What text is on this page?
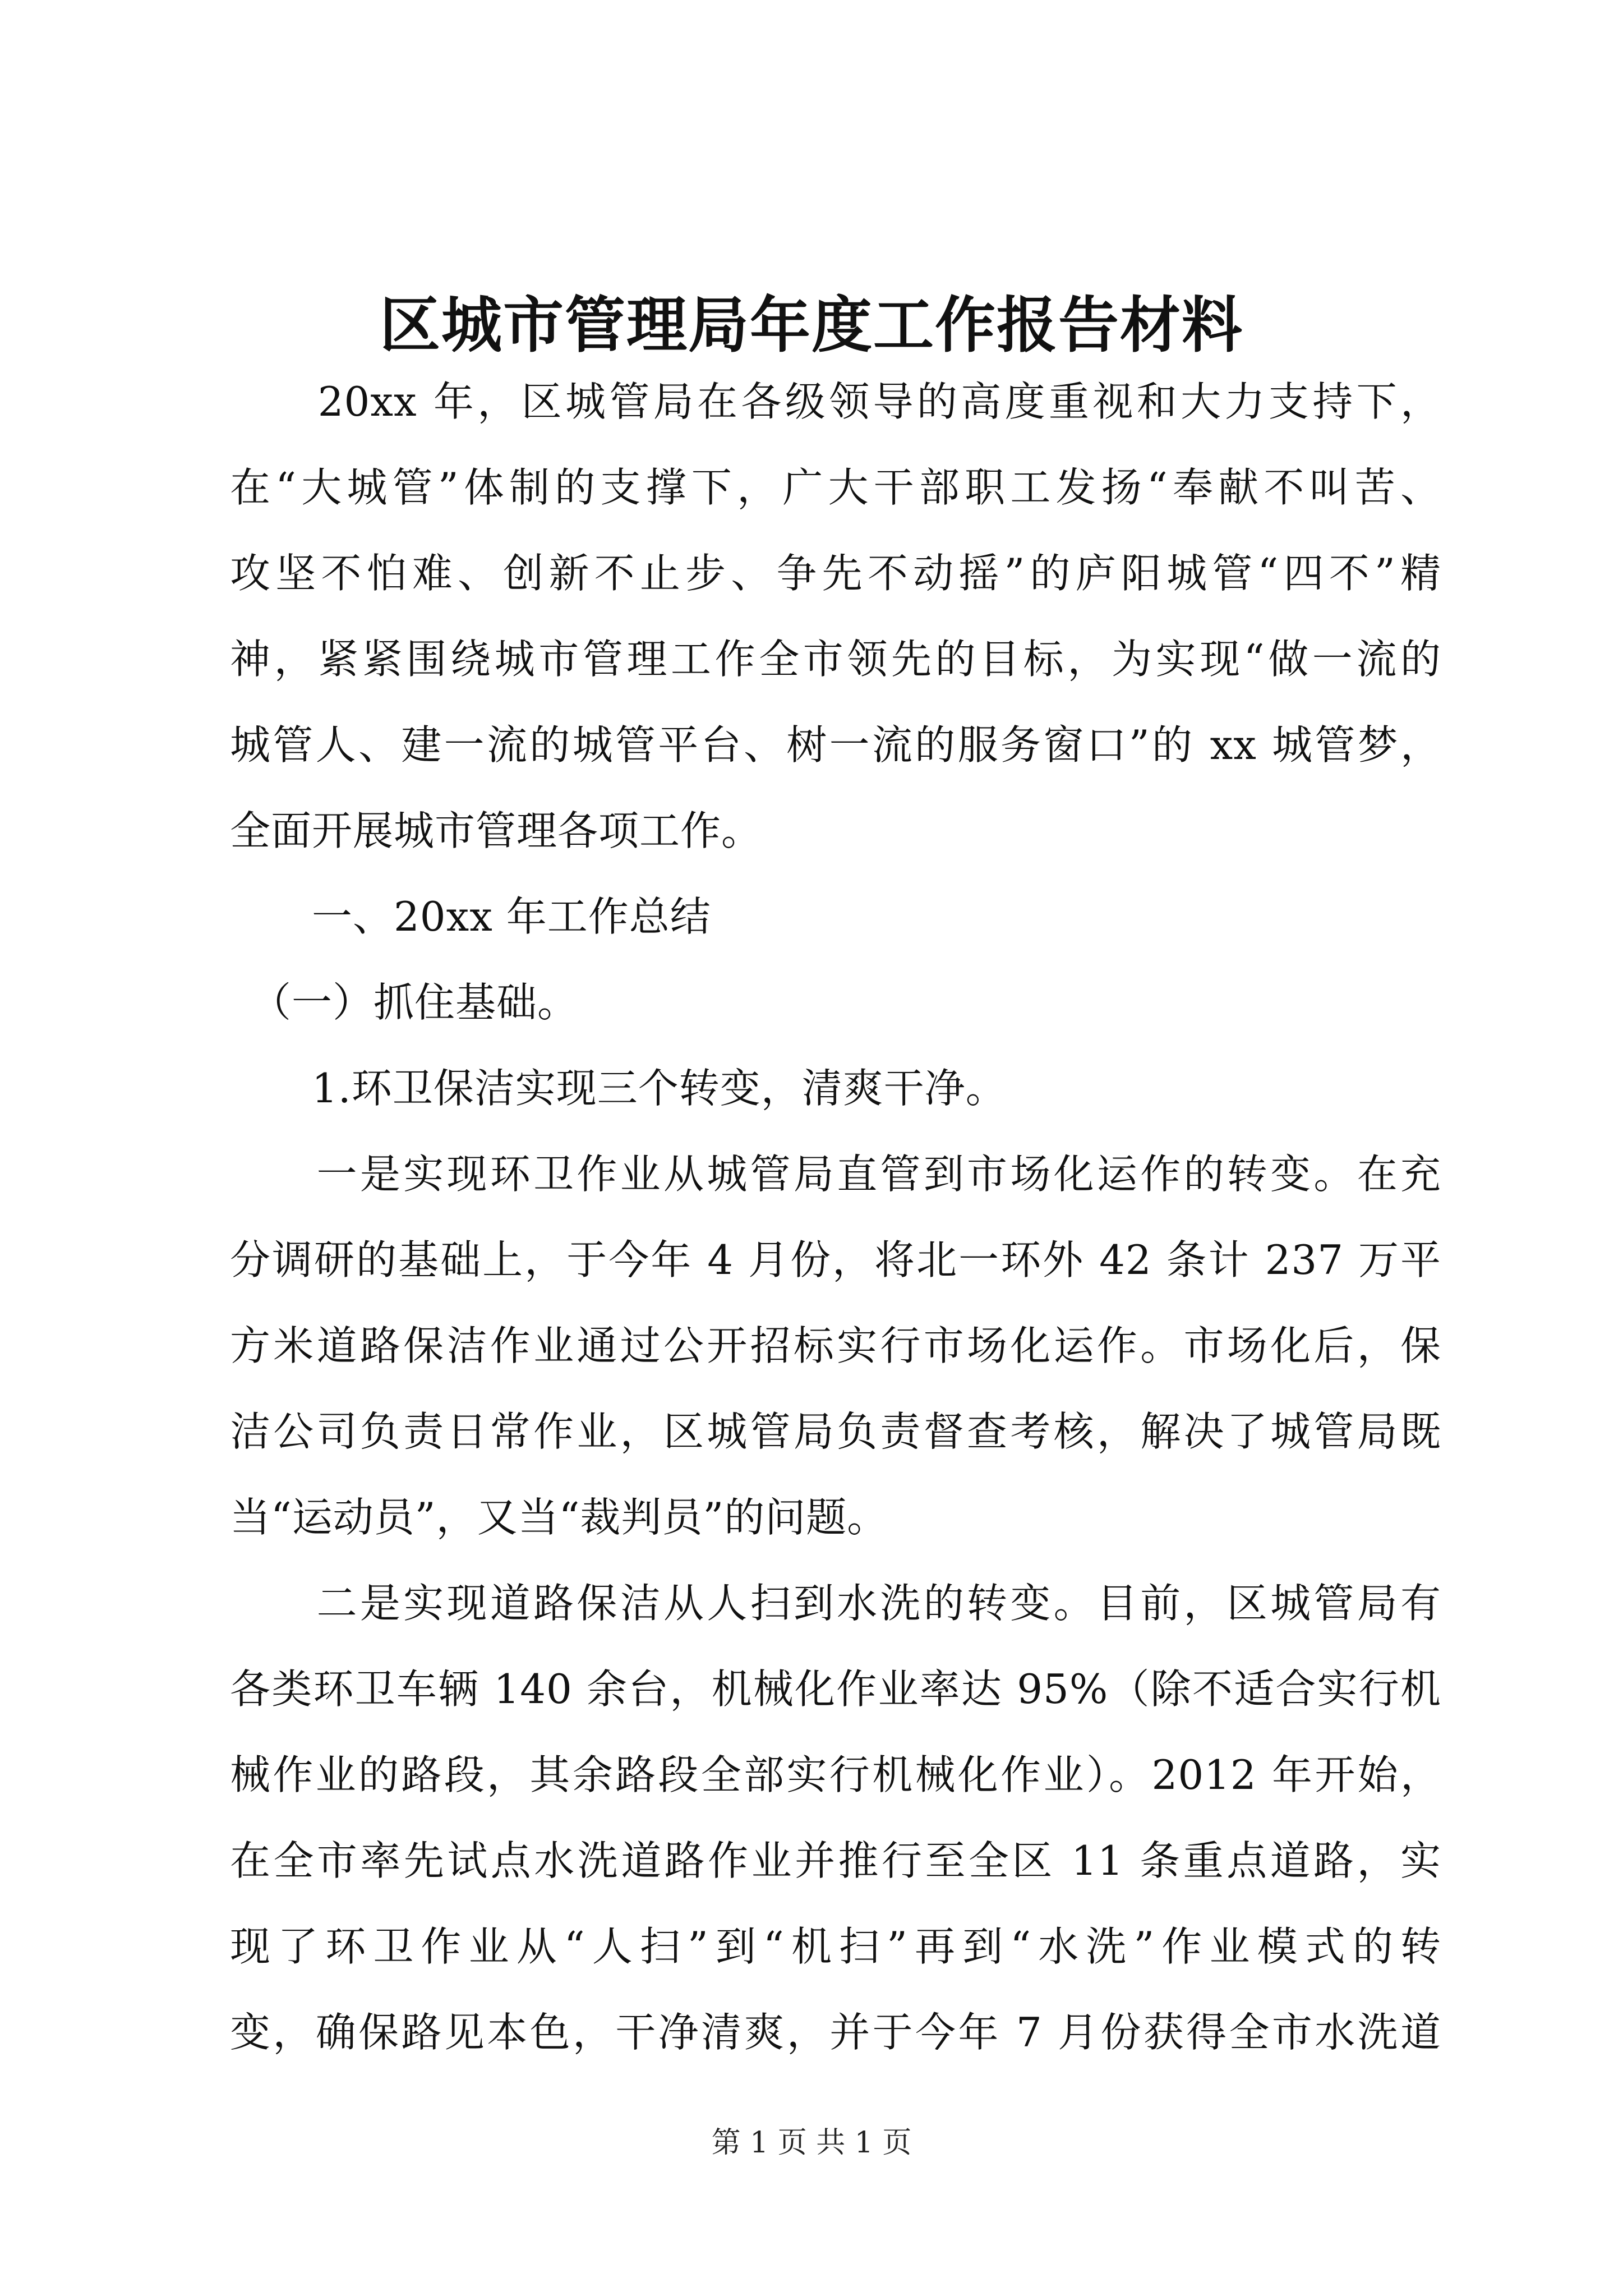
区城市管理局年度工作报告材料
　　20xx 年，区城管局在各级领导的高度重视和大力支持下，
在“大城管”体制的支撑下，广大干部职工发扬“奉献不叫苦、
攻坚不怕难、创新不止步、争先不动摇”的庐阳城管“四不”精
神，紧紧围绕城市管理工作全市领先的目标，为实现“做一流的
城管人、建一流的城管平台、树一流的服务窗口”的 xx 城管梦，
全面开展城市管理各项工作。
　　一、20xx 年工作总结
　（一）抓住基础。
　　1.环卫保洁实现三个转变，清爽干净。
　　一是实现环卫作业从城管局直管到市场化运作的转变。在充
分调研的基础上，于今年 4 月份，将北一环外 42 条计 237 万平
方米道路保洁作业通过公开招标实行市场化运作。市场化后，保
洁公司负责日常作业，区城管局负责督查考核，解决了城管局既
当“运动员”，又当“裁判员”的问题。
　　二是实现道路保洁从人扫到水洗的转变。目前，区城管局有
各类环卫车辆 140 余台，机械化作业率达 95%（除不适合实行机
械作业的路段，其余路段全部实行机械化作业）。2012 年开始，
在全市率先试点水洗道路作业并推行至全区 11 条重点道路，实
现了环卫作业从“人扫”到“机扫”再到“水洗”作业模式的转
变，确保路见本色，干净清爽，并于今年 7 月份获得全市水洗道
第 1 页 共 1 页
